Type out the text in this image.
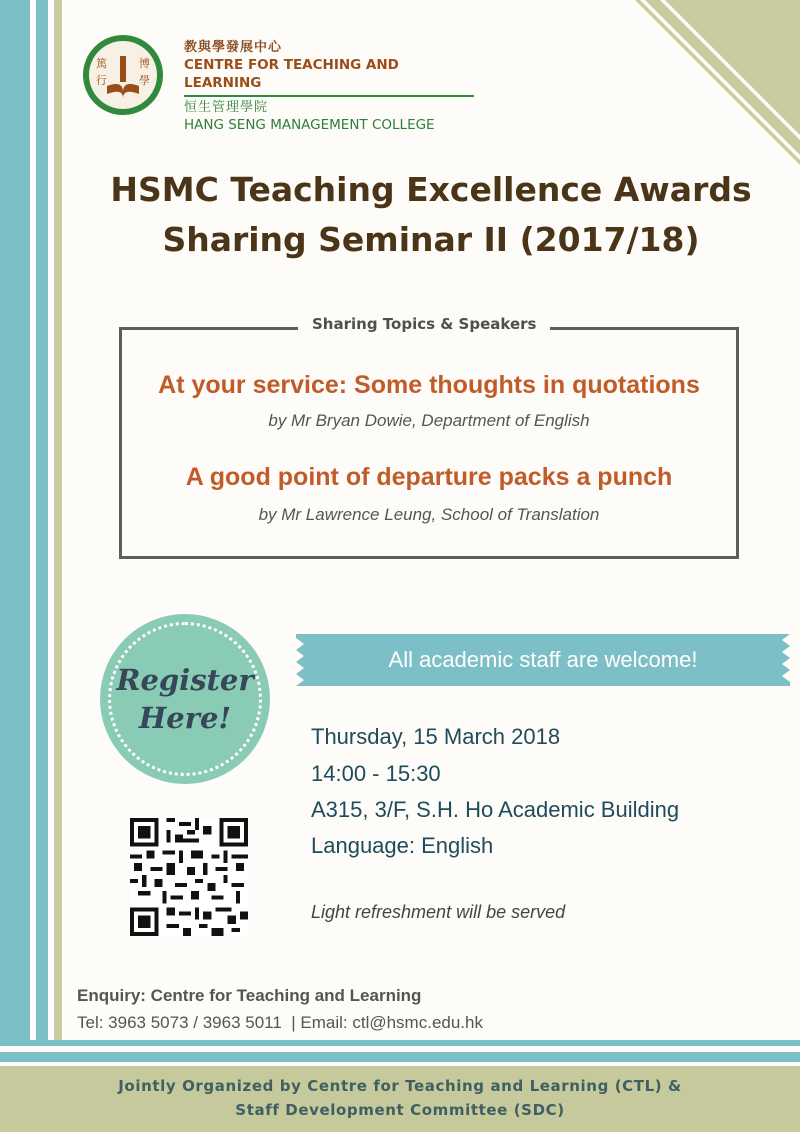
篤
行
博
學
教與學發展中心
CENTRE FOR TEACHING AND LEARNING
恒生管理學院
HANG SENG MANAGEMENT COLLEGE
HSMC Teaching Excellence Awards
Sharing Seminar II (2017/18)
Sharing Topics & Speakers
At your service: Some thoughts in quotations
by Mr Bryan Dowie, Department of English
A good point of departure packs a punch
by Mr Lawrence Leung, School of Translation
Register
Here!
All academic staff are welcome!
Thursday, 15 March 2018
14:00 - 15:30
A315, 3/F, S.H. Ho Academic Building
Language: English
Light refreshment will be served
Enquiry: Centre for Teaching and Learning
Tel: 3963 5073 / 3963 5011  | Email: ctl@hsmc.edu.hk
Jointly Organized by Centre for Teaching and Learning (CTL) &
Staff Development Committee (SDC)
